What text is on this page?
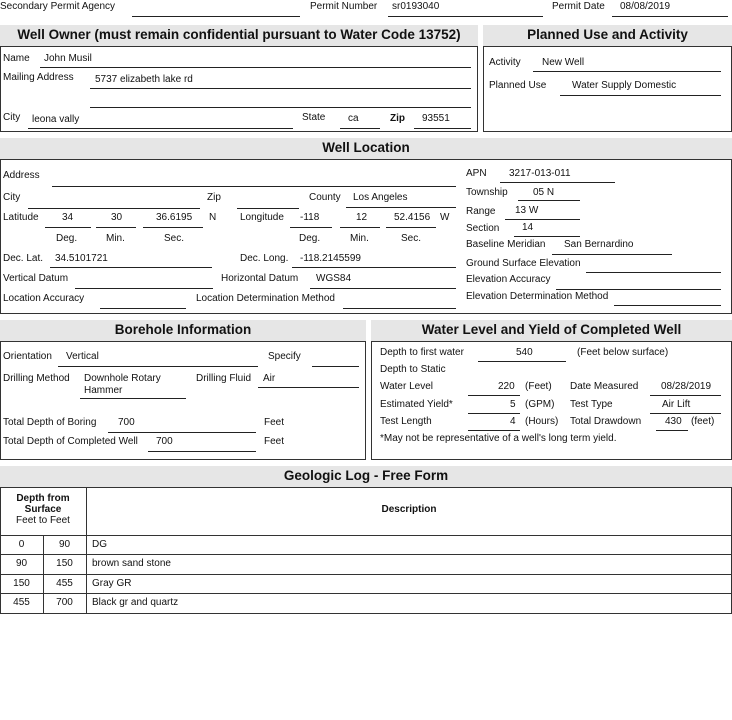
Secondary Permit Agency	Permit Number sr0193040	Permit Date 08/08/2019
Well Owner (must remain confidential pursuant to Water Code 13752)
Name John Musil
Mailing Address 5737 elizabeth lake rd
City leona vally	State ca	Zip 93551
Planned Use and Activity
Activity New Well
Planned Use	Water Supply Domestic
Well Location
Address
City	Zip	County Los Angeles
Latitude 34	30	36.6195 N Longitude -118	12	52.4156 W
Deg.	Min.	Sec.	Deg.	Min.	Sec.
Dec. Lat. 34.5101721	Dec. Long. -118.2145599
Vertical Datum	Horizontal Datum WGS84
Location Accuracy	Location Determination Method
APN 3217-013-011
Township	05 N
Range 13 W
Section 14
Baseline Meridian San Bernardino
Ground Surface Elevation
Elevation Accuracy
Elevation Determination Method
Borehole Information
Orientation Vertical	Specify
Drilling Method Downhole Rotary
Hammer
Drilling Fluid Air
Total Depth of Boring 700	Feet
Total Depth of Completed Well 700	Feet
Water Level and Yield of Completed Well
Depth to first water	540	(Feet below surface)
Depth to Static
Water Level	220 (Feet) Date Measured 08/28/2019
Estimated Yield*	5 (GPM) Test Type	Air Lift
Test Length	4 (Hours) Total Drawdown 430 (feet)
*May not be representative of a well's long term yield.
Geologic Log - Free Form
Depth from
Surface
Feet to Feet
Description
0	90	DG
90	150	brown sand stone
150	455	Gray GR
455	700	Black gr and quartz
